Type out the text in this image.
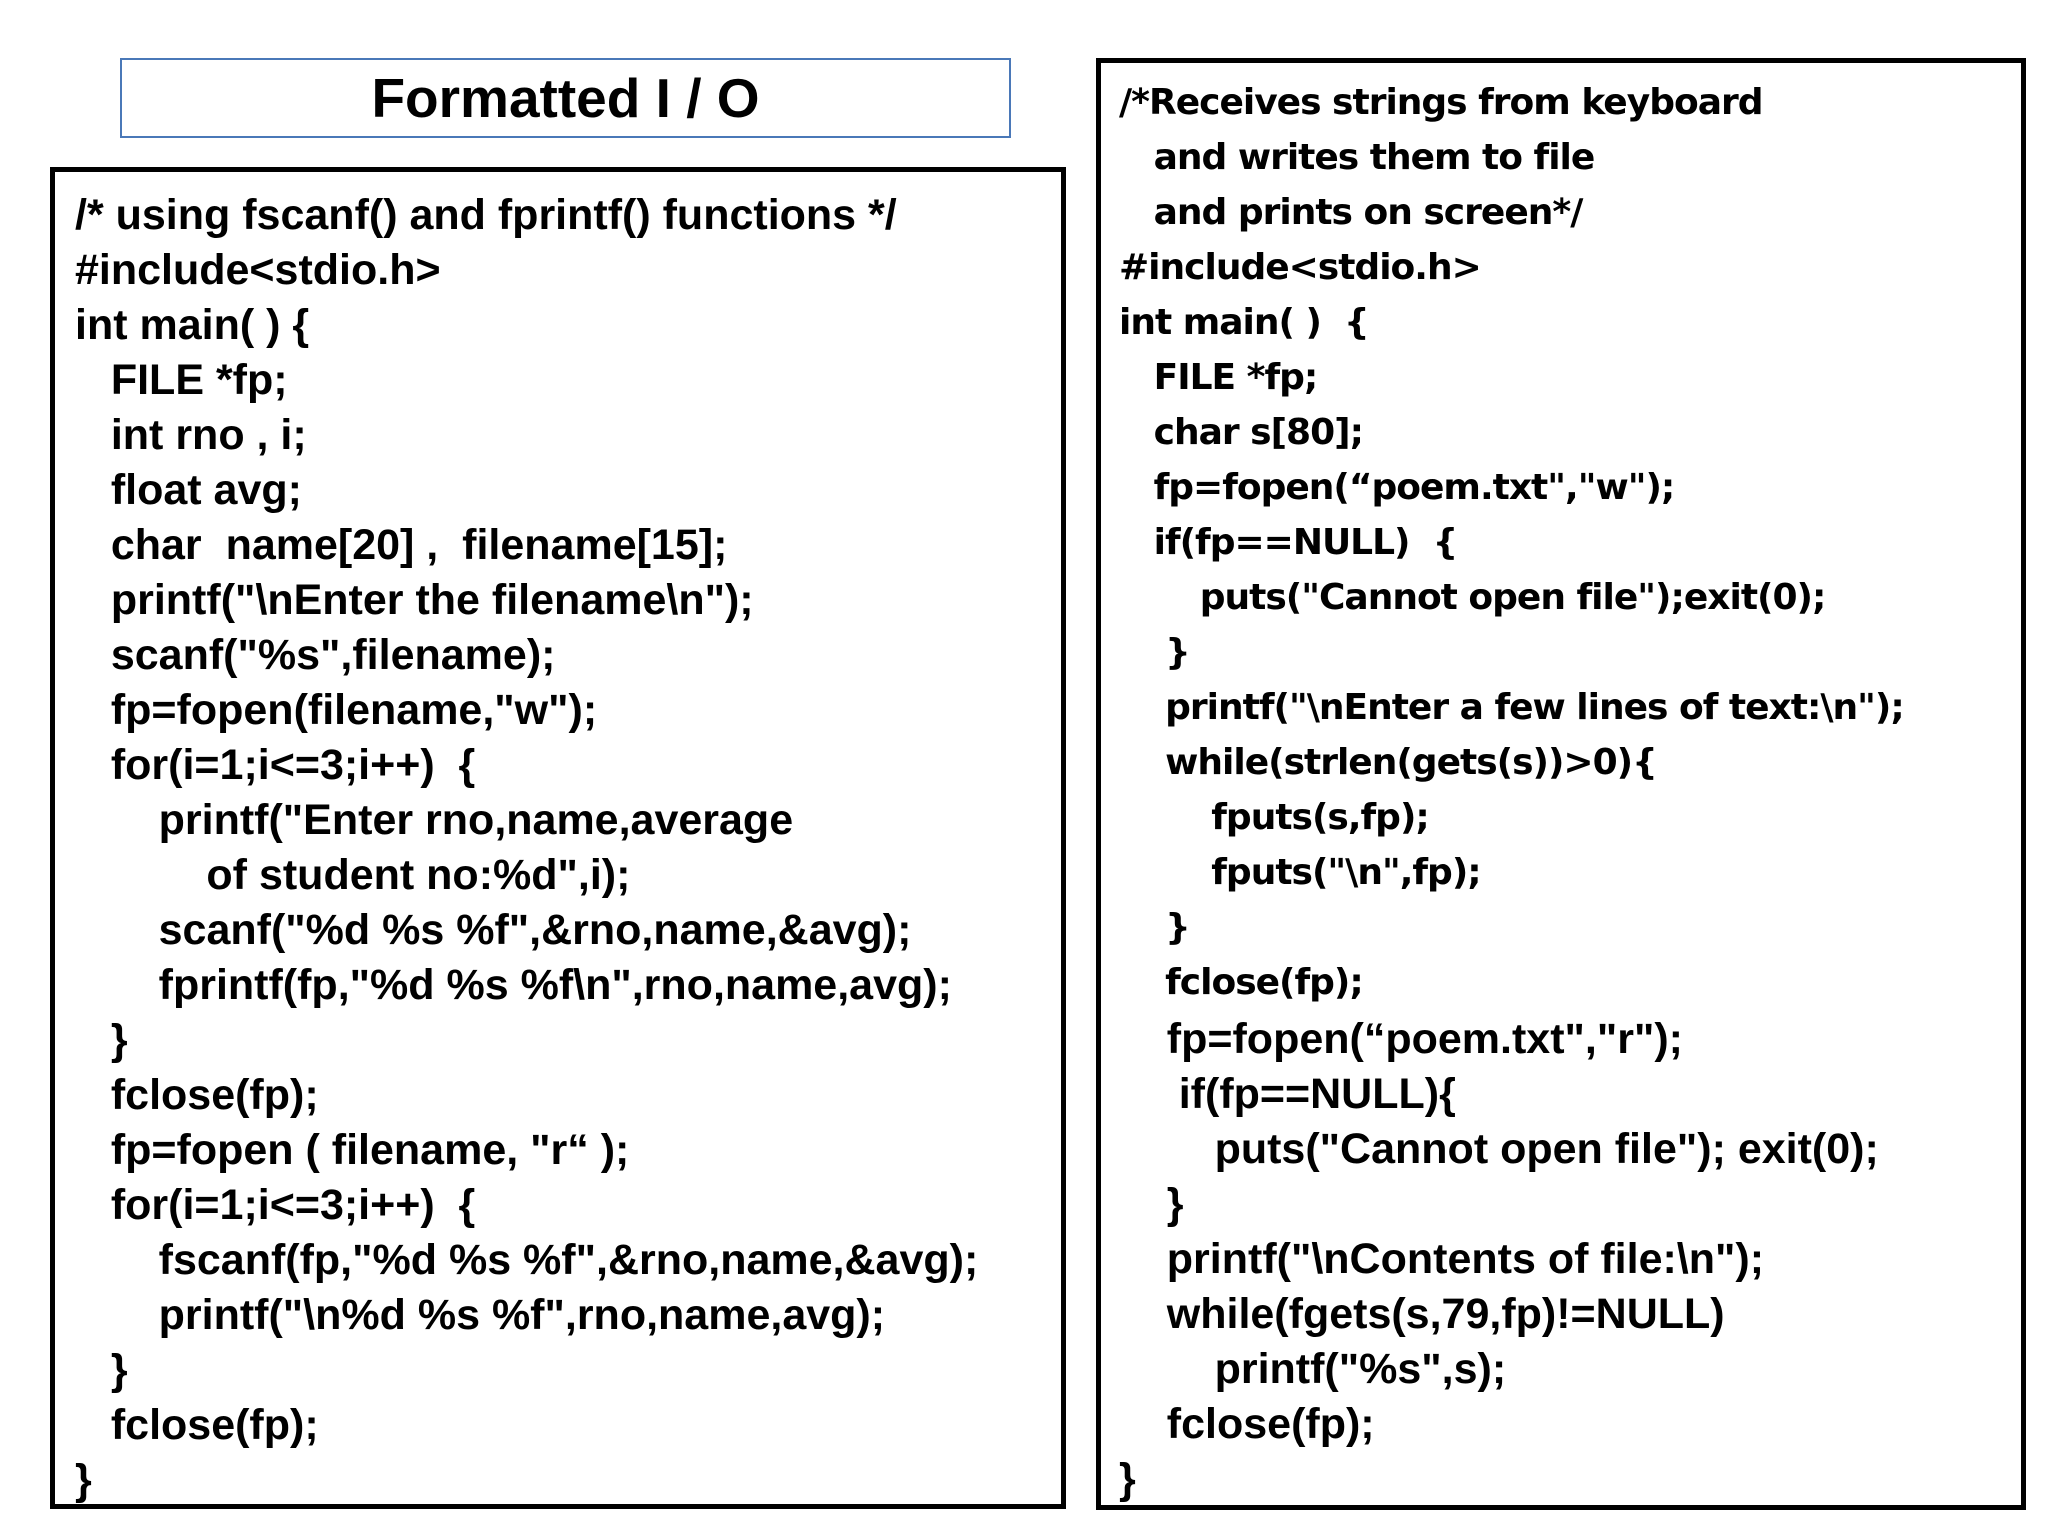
Formatted I / O
/* using fscanf() and fprintf() functions */
#include<stdio.h>
int main( ) {
FILE *fp;
int rno , i;
float avg;
char  name[20] ,  filename[15];
printf("\nEnter the filename\n");
scanf("%s",filename);
fp=fopen(filename,"w");
for(i=1;i<=3;i++)  {
printf("Enter rno,name,average
of student no:%d",i);
scanf("%d %s %f",&rno,name,&avg);
fprintf(fp,"%d %s %f\n",rno,name,avg);
}
fclose(fp);
fp=fopen ( filename, "r“ );
for(i=1;i<=3;i++)  {
fscanf(fp,"%d %s %f",&rno,name,&avg);
printf("\n%d %s %f",rno,name,avg);
}
fclose(fp);
}
/*Receives strings from keyboard
and writes them to file
and prints on screen*/
#include<stdio.h>
int main( )  {
FILE *fp;
char s[80];
fp=fopen(“poem.txt","w");
if(fp==NULL)  {
puts("Cannot open file");exit(0);
}
printf("\nEnter a few lines of text:\n");
while(strlen(gets(s))>0){
fputs(s,fp);
fputs("\n",fp);
}
fclose(fp);
fp=fopen(“poem.txt","r");
if(fp==NULL){
puts("Cannot open file"); exit(0);
}
printf("\nContents of file:\n");
while(fgets(s,79,fp)!=NULL)
printf("%s",s);
fclose(fp);
}
